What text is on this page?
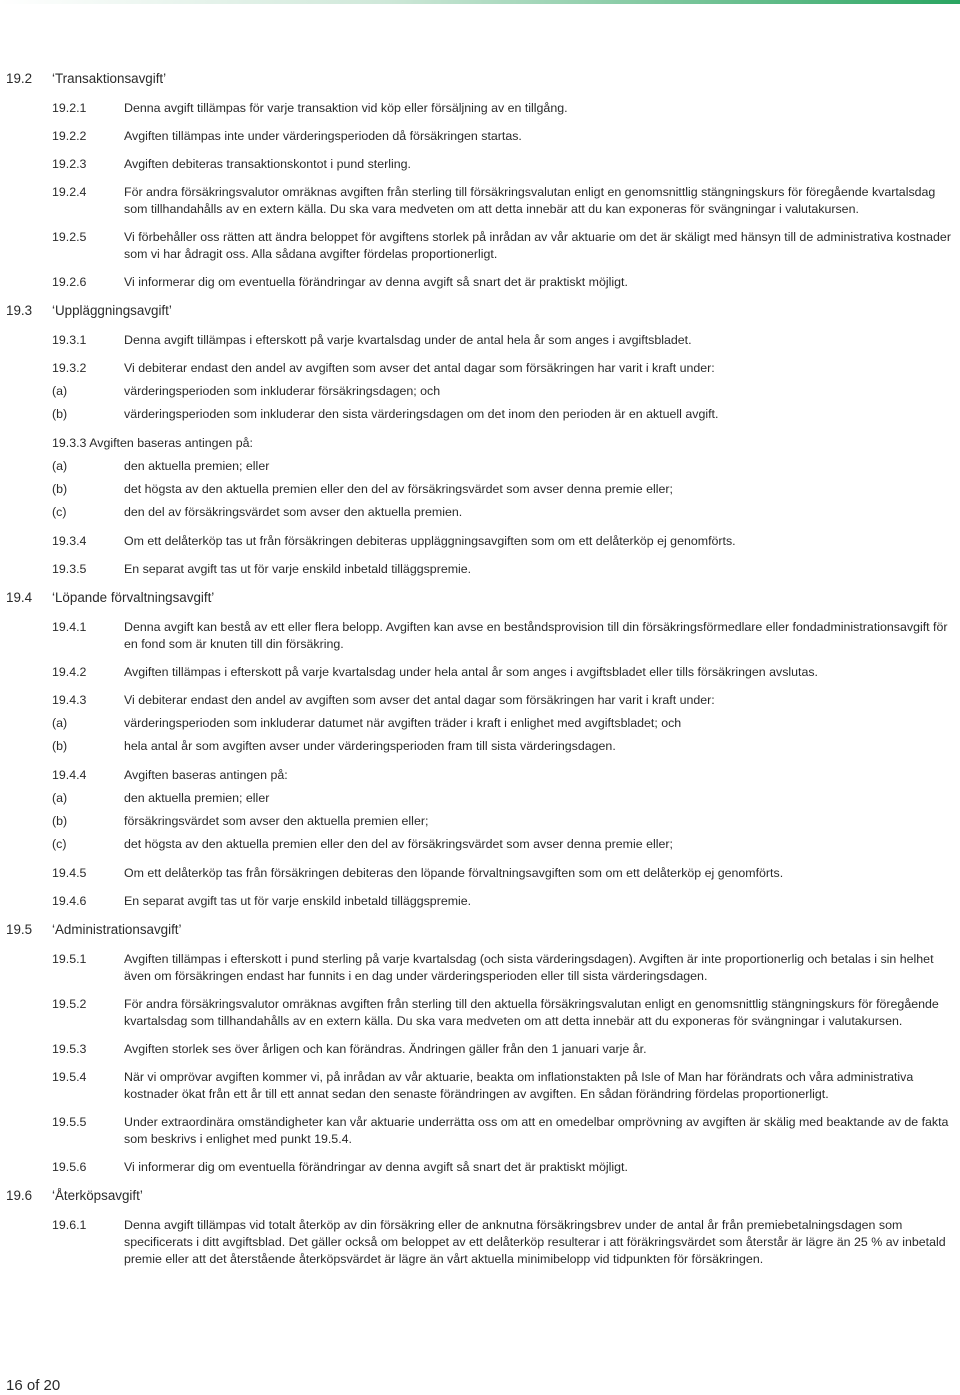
19.2 ‘Transaktionsavgift’
19.2.1	Denna avgift tillämpas för varje transaktion vid köp eller försäljning av en tillgång.
19.2.2	Avgiften tillämpas inte under värderingsperioden då försäkringen startas.
19.2.3	Avgiften debiteras transaktionskontot i pund sterling.
19.2.4	För andra försäkringsvalutor omräknas avgiften från sterling till försäkringsvalutan enligt en genomsnittlig stängningskurs för föregående kvartalsdag som tillhandahålls av en extern källa. Du ska vara medveten om att detta innebär att du kan exponeras för svängningar i valutakursen.
19.2.5	Vi förbehåller oss rätten att ändra beloppet för avgiftens storlek på inrådan av vår aktuarie om det är skäligt med hänsyn till de administrativa kostnader som vi har ådragit oss. Alla sådana avgifter fördelas proportionerligt.
19.2.6	Vi informerar dig om eventuella förändringar av denna avgift så snart det är praktiskt möjligt.
19.3 ‘Uppläggningsavgift’
19.3.1	Denna avgift tillämpas i efterskott på varje kvartalsdag under de antal hela år som anges i avgiftsbladet.
19.3.2	Vi debiterar endast den andel av avgiften som avser det antal dagar som försäkringen har varit i kraft under:
(a)	värderingsperioden som inkluderar försäkringsdagen; och
(b)	värderingsperioden som inkluderar den sista värderingsdagen om det inom den perioden är en aktuell avgift.
19.3.3 Avgiften baseras antingen på:
(a)	den aktuella premien; eller
(b)	det högsta av den aktuella premien eller den del av försäkringsvärdet som avser denna premie eller;
(c)	den del av försäkringsvärdet som avser den aktuella premien.
19.3.4	Om ett delåterköp tas ut från försäkringen debiteras uppläggningsavgiften som om ett delåterköp ej genomförts.
19.3.5	En separat avgift tas ut för varje enskild inbetald tilläggspremie.
19.4 ‘Löpande förvaltningsavgift’
19.4.1	Denna avgift kan bestå av ett eller flera belopp. Avgiften kan avse en beståndsprovision till din försäkringsförmedlare eller fondadministrationsavgift för en fond som är knuten till din försäkring.
19.4.2	Avgiften tillämpas i efterskott på varje kvartalsdag under hela antal år som anges i avgiftsbladet eller tills försäkringen avslutas.
19.4.3	Vi debiterar endast den andel av avgiften som avser det antal dagar som försäkringen har varit i kraft under:
(a)	värderingsperioden som inkluderar datumet när avgiften träder i kraft i enlighet med avgiftsbladet; och
(b)	hela antal år som avgiften avser under värderingsperioden fram till sista värderingsdagen.
19.4.4	Avgiften baseras antingen på:
(a)	den aktuella premien; eller
(b)	försäkringsvärdet som avser den aktuella premien eller;
(c)	det högsta av den aktuella premien eller den del av försäkringsvärdet som avser denna premie eller;
19.4.5	Om ett delåterköp tas från försäkringen debiteras den löpande förvaltningsavgiften som om ett delåterköp ej genomförts.
19.4.6	En separat avgift tas ut för varje enskild inbetald tilläggspremie.
19.5 ‘Administrationsavgift’
19.5.1	Avgiften tillämpas i efterskott i pund sterling på varje kvartalsdag (och sista värderingsdagen). Avgiften är inte proportionerlig och betalas i sin helhet även om försäkringen endast har funnits i en dag under värderingsperioden eller till sista värderingsdagen.
19.5.2	För andra försäkringsvalutor omräknas avgiften från sterling till den aktuella försäkringsvalutan enligt en genomsnittlig stängningskurs för föregående kvartalsdag som tillhandahålls av en extern källa. Du ska vara medveten om att detta innebär att du exponeras för svängningar i valutakursen.
19.5.3	Avgiften storlek ses över årligen och kan förändras. Ändringen gäller från den 1 januari varje år.
19.5.4	När vi omprövar avgiften kommer vi, på inrådan av vår aktuarie, beakta om inflationstakten på Isle of Man har förändrats och våra administrativa kostnader ökat från ett år till ett annat sedan den senaste förändringen av avgiften. En sådan förändring fördelas proportionerligt.
19.5.5	Under extraordinära omständigheter kan vår aktuarie underrätta oss om att en omedelbar omprövning av avgiften är skälig med beaktande av de fakta som beskrivs i enlighet med punkt 19.5.4.
19.5.6	Vi informerar dig om eventuella förändringar av denna avgift så snart det är praktiskt möjligt.
19.6 ‘Återköpsavgift’
19.6.1	Denna avgift tillämpas vid totalt återköp av din försäkring eller de anknutna försäkringsbrev under de antal år från premiebetalningsdagen som specificerats i ditt avgiftsblad. Det gäller också om beloppet av ett delåterköp resulterar i att föräkringsvärdet som återstår är lägre än 25 % av inbetald premie eller att det återstående återköpsvärdet är lägre än vårt aktuella minimibelopp vid tidpunkten för försäkringen.
16 of 20
